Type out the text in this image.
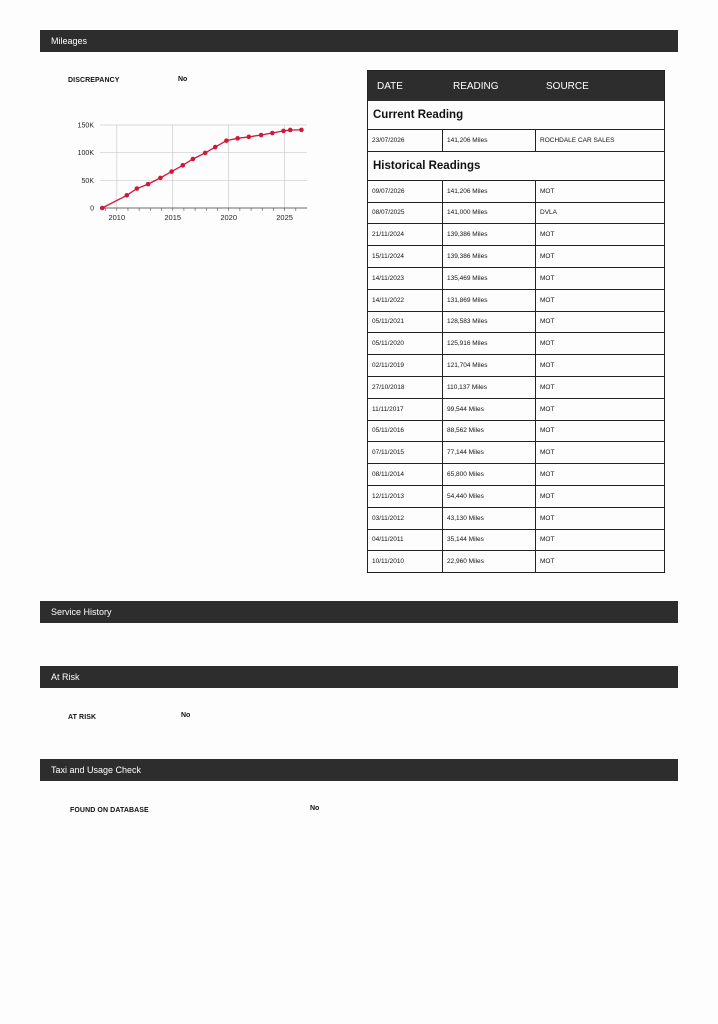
Mileages
DISCREPANCY	No
0
50K
100K
150K
2010	2015	2020	2025
DATE	READING	SOURCE
Current Reading
23/07/2026	141,206 Miles	ROCHDALE CAR SALES
Historical Readings
09/07/2026	141,206 Miles	MOT
08/07/2025	141,000 Miles	DVLA
21/11/2024	139,386 Miles	MOT
15/11/2024	139,386 Miles	MOT
14/11/2023	135,469 Miles	MOT
14/11/2022	131,869 Miles	MOT
05/11/2021	128,583 Miles	MOT
05/11/2020	125,916 Miles	MOT
02/11/2019	121,704 Miles	MOT
27/10/2018	110,137 Miles	MOT
11/11/2017	99,544 Miles	MOT
05/11/2016	88,562 Miles	MOT
07/11/2015	77,144 Miles	MOT
08/11/2014	65,800 Miles	MOT
12/11/2013	54,440 Miles	MOT
03/11/2012	43,130 Miles	MOT
04/11/2011	35,144 Miles	MOT
10/11/2010	22,960 Miles	MOT
Service History
At Risk
AT RISK	No
Taxi and Usage Check
FOUND ON DATABASE	No
